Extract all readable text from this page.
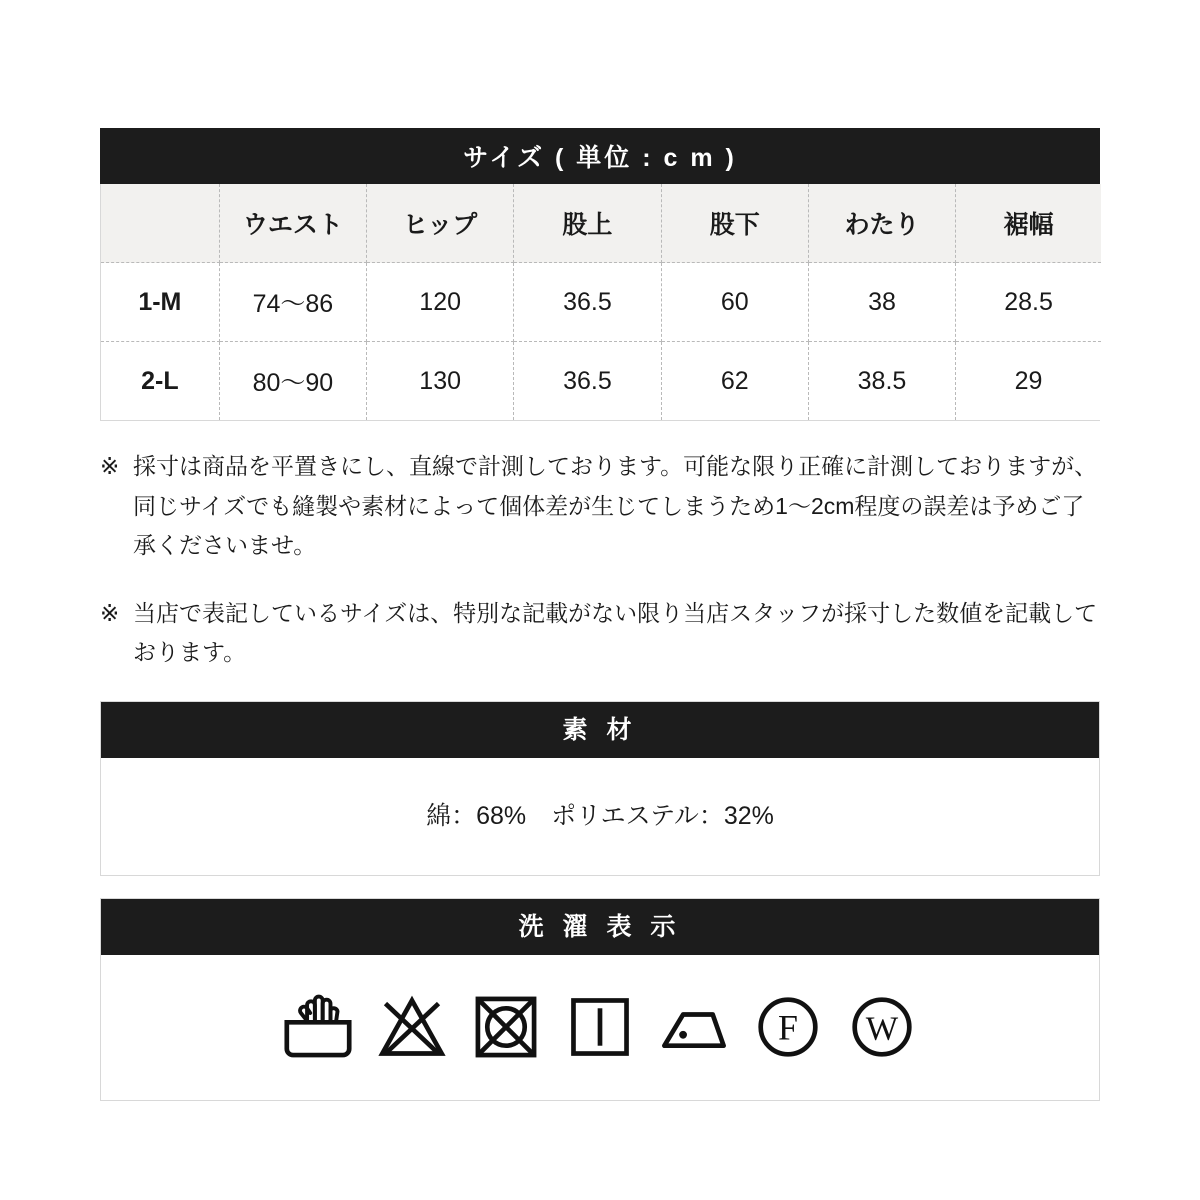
サイズ ( 単位 : c m )
	ウエスト	ヒップ	股上	股下	わたり	裾幅
1-M	74〜86	120	36.5	60	38	28.5
2-L	80〜90	130	36.5	62	38.5	29
※ 採寸は商品を平置きにし、直線で計測しております。可能な限り正確に計測しておりますが、同じサイズでも縫製や素材によって個体差が生じてしまうため1〜2cm程度の誤差は予めご了承くださいませ。
※ 当店で表記しているサイズは、特別な記載がない限り当店スタッフが採寸した数値を記載しております。
素 材
綿：68%　ポリエステル：32%
洗 濯 表 示
F W
